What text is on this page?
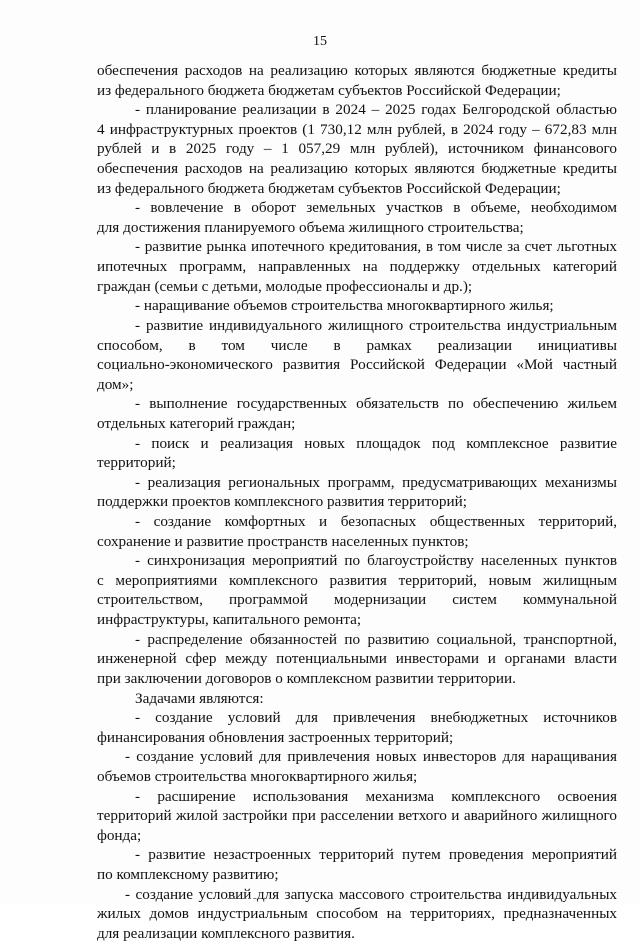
15
обеспечения расходов на реализацию которых являются бюджетные кредиты
из федерального бюджета бюджетам субъектов Российской Федерации;
- планирование реализации в 2024 – 2025 годах Белгородской областью
4 инфраструктурных проектов (1 730,12 млн рублей, в 2024 году – 672,83 млн
рублей и в 2025 году – 1 057,29 млн рублей), источником финансового
обеспечения расходов на реализацию которых являются бюджетные кредиты
из федерального бюджета бюджетам субъектов Российской Федерации;
- вовлечение в оборот земельных участков в объеме, необходимом
для достижения планируемого объема жилищного строительства;
- развитие рынка ипотечного кредитования, в том числе за счет льготных
ипотечных программ, направленных на поддержку отдельных категорий
граждан (семьи с детьми, молодые профессионалы и др.);
- наращивание объемов строительства многоквартирного жилья;
- развитие индивидуального жилищного строительства индустриальным
способом, в том числе в рамках реализации инициативы
социально-экономического развития Российской Федерации «Мой частный
дом»;
- выполнение государственных обязательств по обеспечению жильем
отдельных категорий граждан;
- поиск и реализация новых площадок под комплексное развитие
территорий;
- реализация региональных программ, предусматривающих механизмы
поддержки проектов комплексного развития территорий;
- создание комфортных и безопасных общественных территорий,
сохранение и развитие пространств населенных пунктов;
- синхронизация мероприятий по благоустройству населенных пунктов
с мероприятиями комплексного развития территорий, новым жилищным
строительством, программой модернизации систем коммунальной
инфраструктуры, капитального ремонта;
- распределение обязанностей по развитию социальной, транспортной,
инженерной сфер между потенциальными инвесторами и органами власти
при заключении договоров о комплексном развитии территории.
Задачами являются:
- создание условий для привлечения внебюджетных источников
финансирования обновления застроенных территорий;
- создание условий для привлечения новых инвесторов для наращивания
объемов строительства многоквартирного жилья;
- расширение использования механизма комплексного освоения
территорий жилой застройки при расселении ветхого и аварийного жилищного
фонда;
- развитие незастроенных территорий путем проведения мероприятий
по комплексному развитию;
- создание условий для запуска массового строительства индивидуальных
жилых домов индустриальным способом на территориях, предназначенных
для реализации комплексного развития.
